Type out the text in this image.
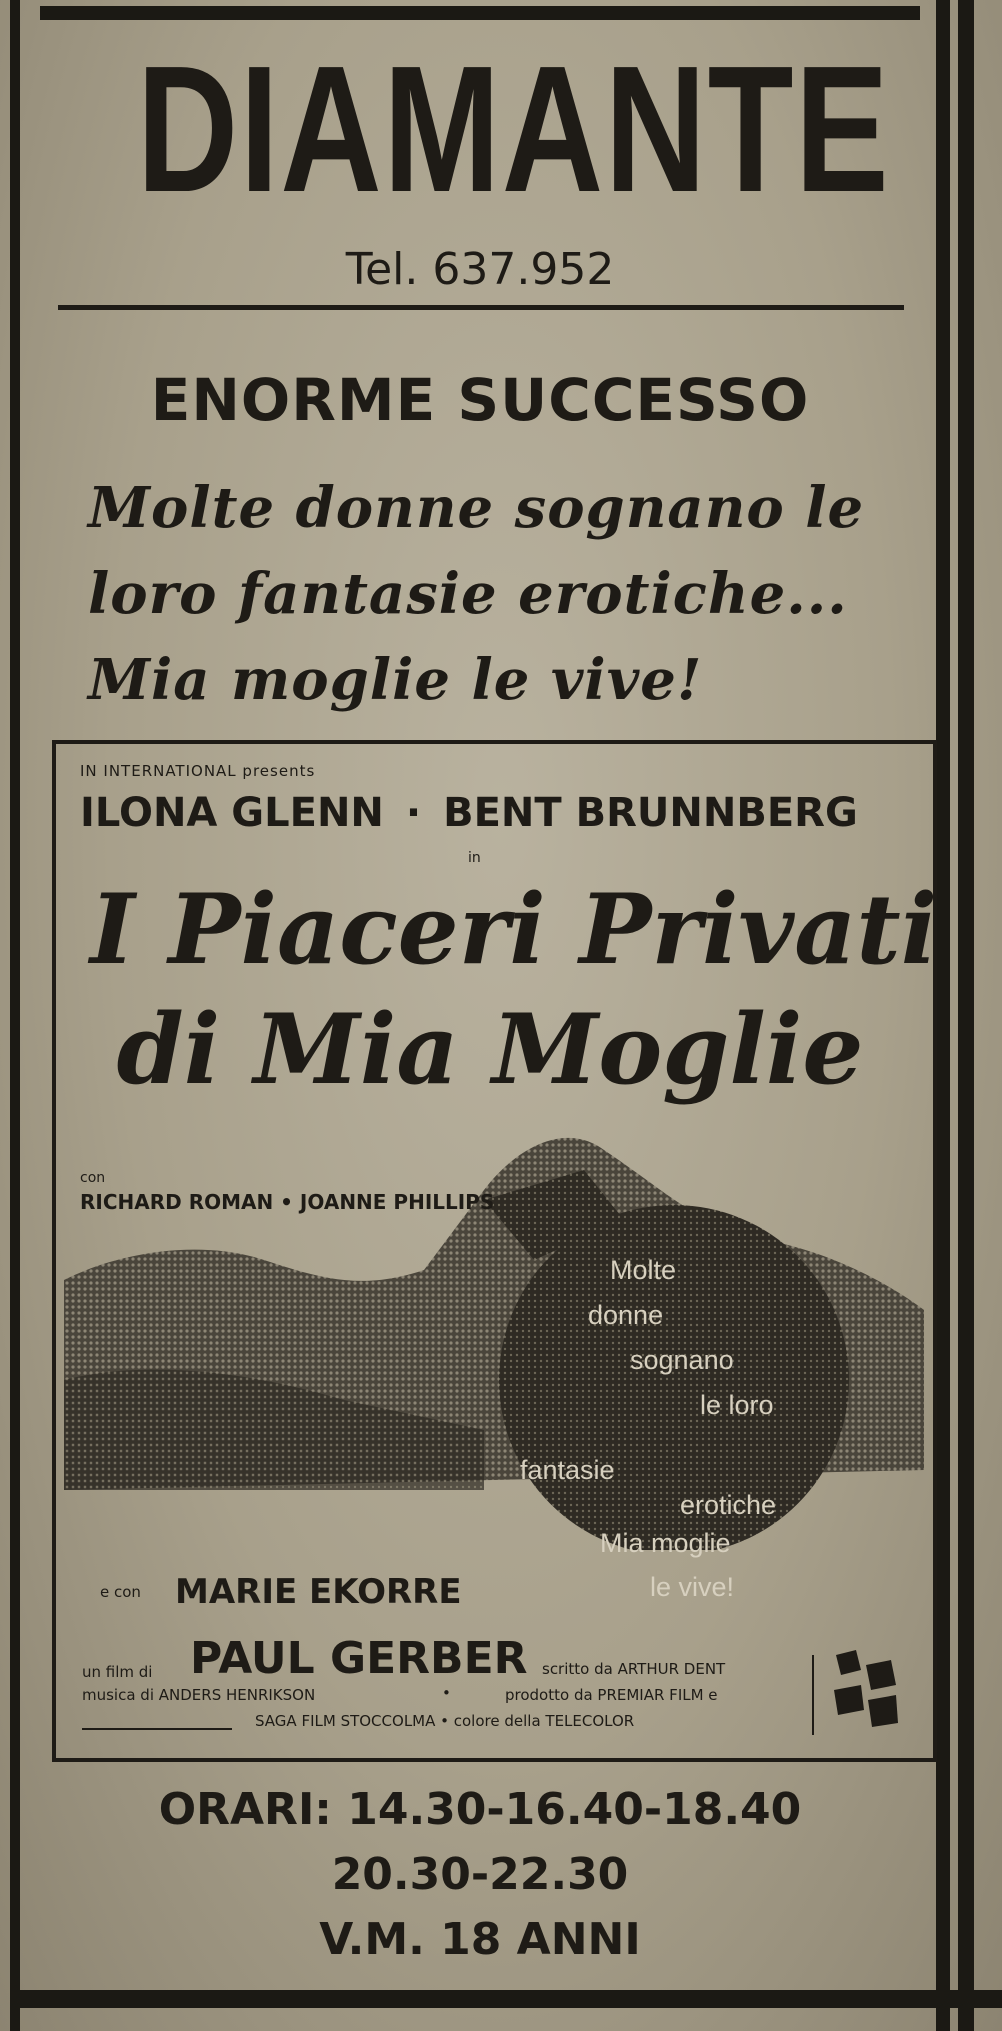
DIAMANTE
Tel. 637.952
ENORME SUCCESSO
Molte donne sognano le
loro fantasie erotiche...
Mia moglie le vive!
IN INTERNATIONAL presents
ILONA GLENN · BENT BRUNNBERG
in
I Piaceri Privati
di Mia Moglie
con
RICHARD ROMAN • JOANNE PHILLIPS
Molte
donne
sognano
le loro
fantasie
erotiche
Mia moglie
le vive!
e con MARIE EKORRE
un film di PAUL GERBER scritto da ARTHUR DENT
musica di ANDERS HENRIKSON	•	prodotto da PREMIAR FILM e
SAGA FILM STOCCOLMA • colore della TELECOLOR
ORARI: 14.30-16.40-18.40
20.30-22.30
V.M. 18 ANNI
